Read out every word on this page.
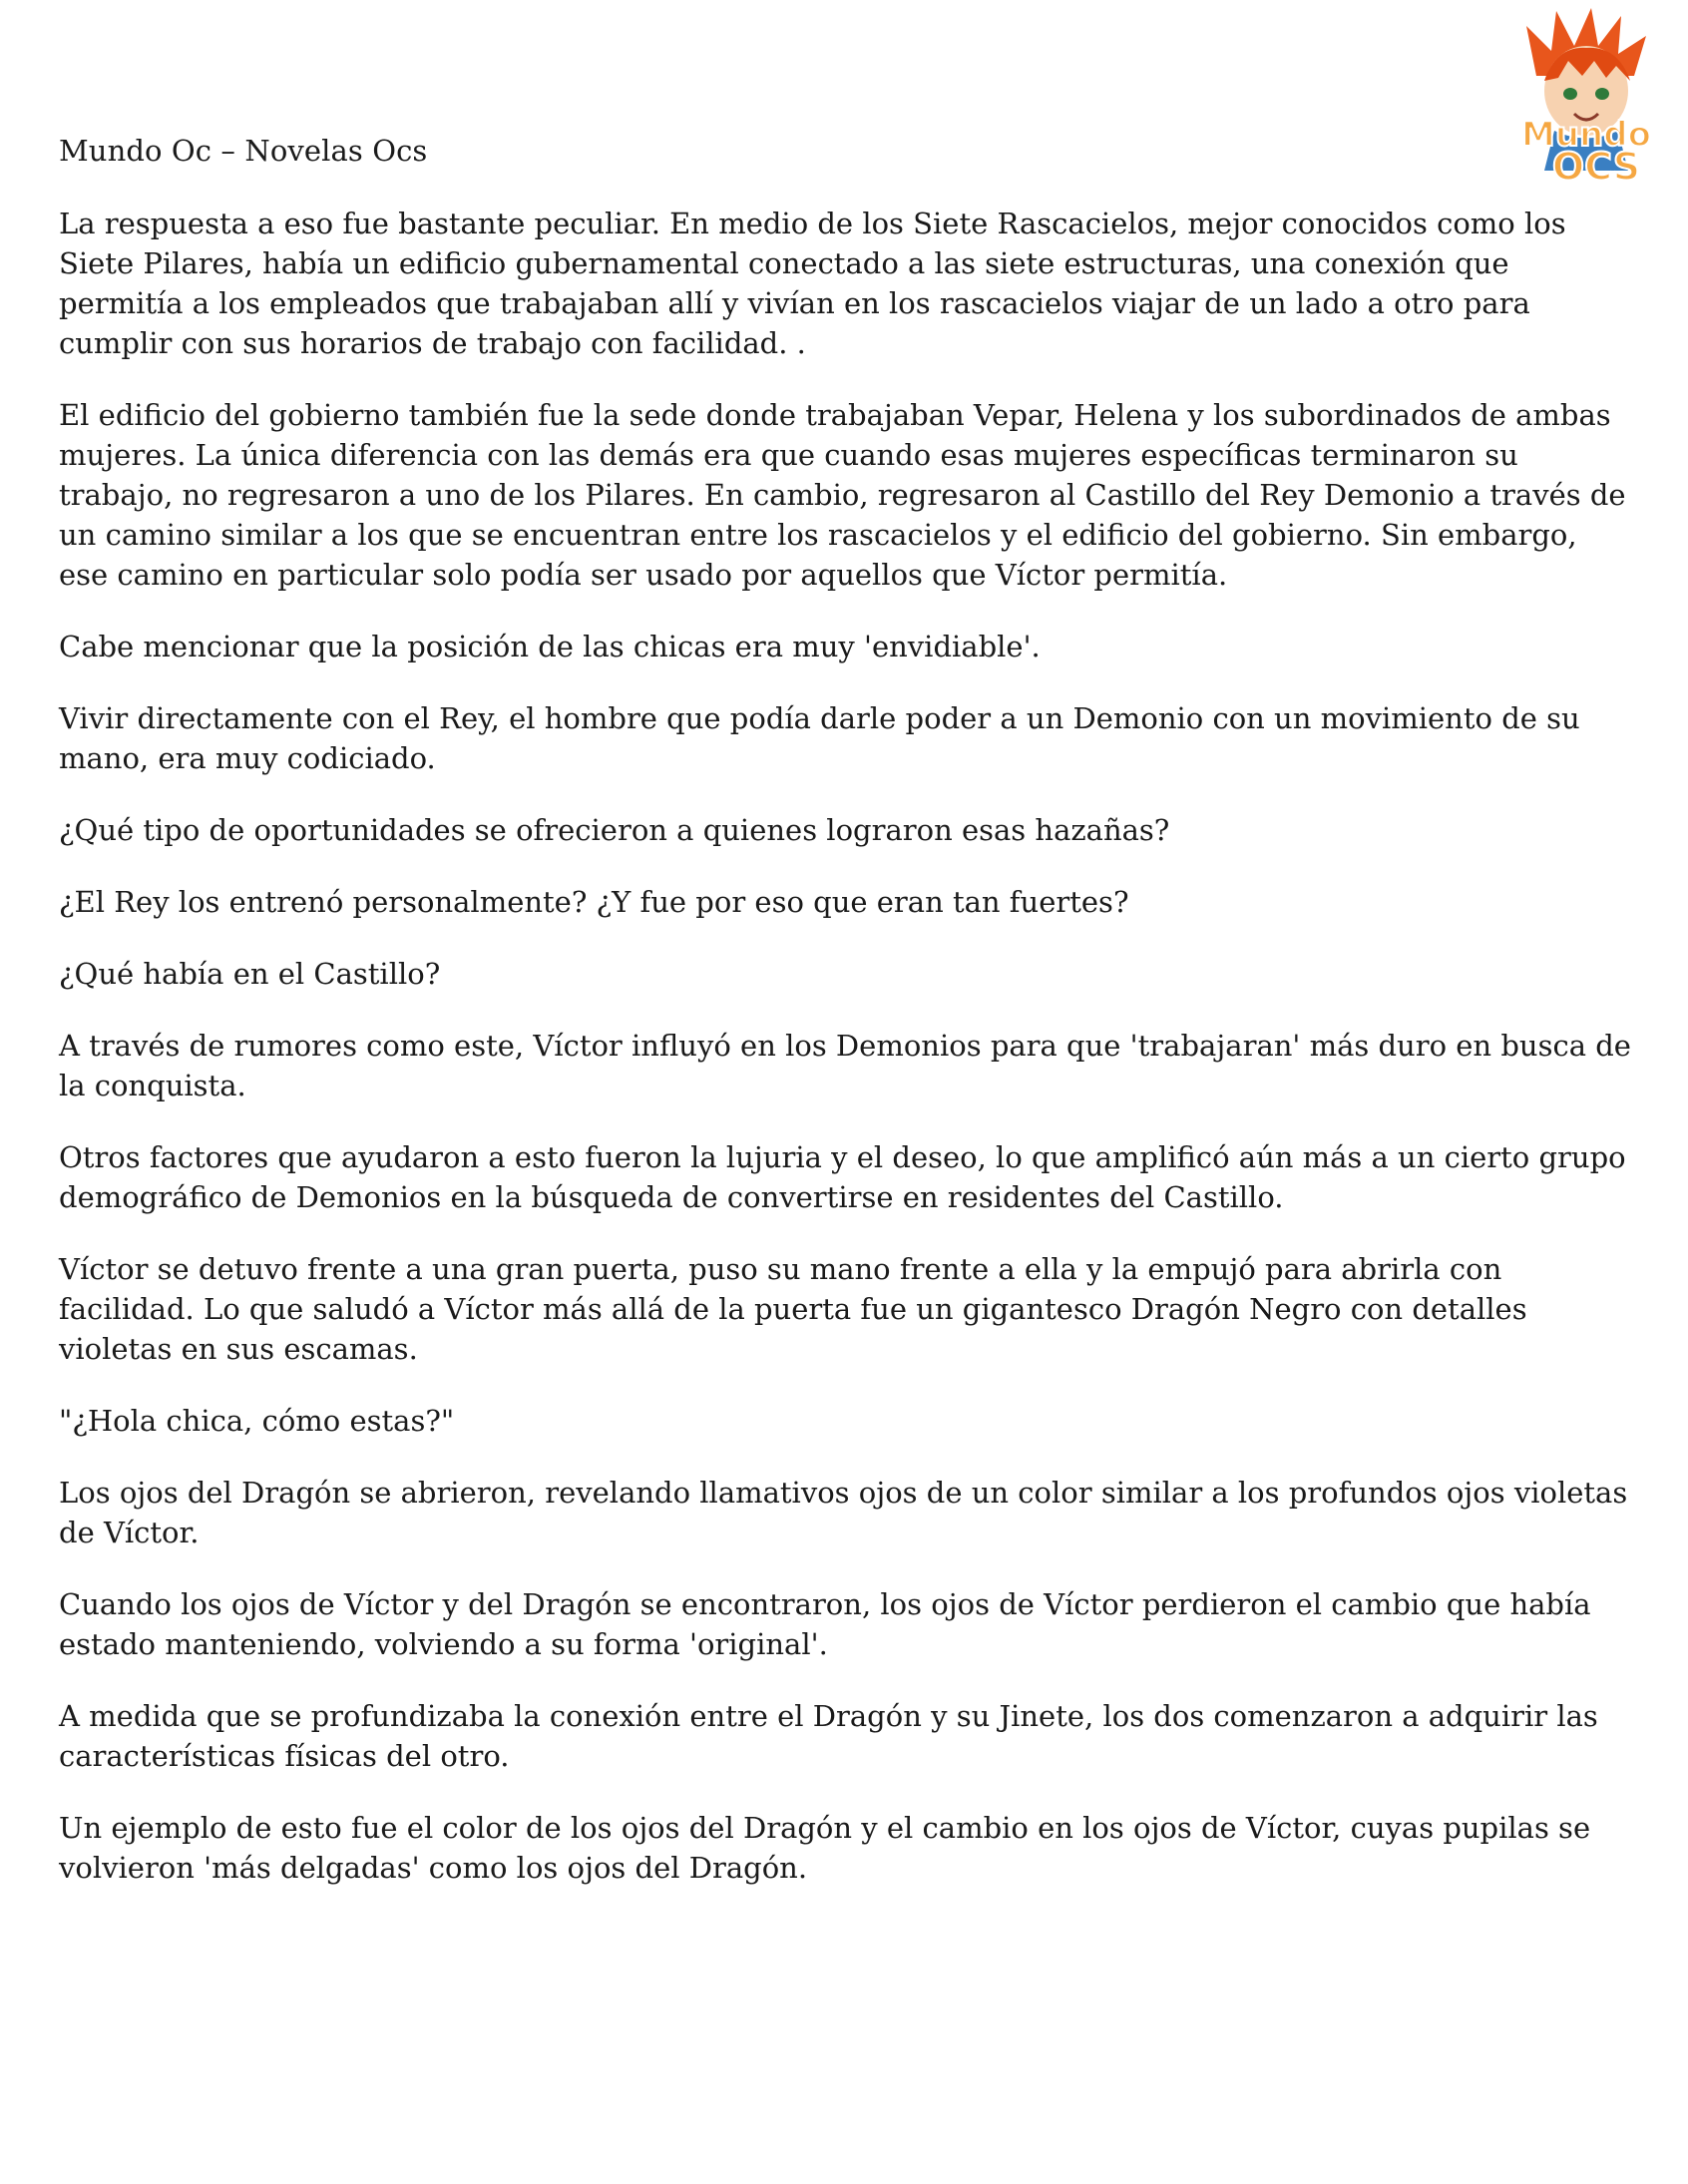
Mundo
OCS
Mundo Oc – Novelas Ocs

La respuesta a eso fue bastante peculiar. En medio de los Siete Rascacielos, mejor conocidos como los Siete Pilares, había un edificio gubernamental conectado a las siete estructuras, una conexión que permitía a los empleados que trabajaban allí y vivían en los rascacielos viajar de un lado a otro para cumplir con sus horarios de trabajo con facilidad. .

El edificio del gobierno también fue la sede donde trabajaban Vepar, Helena y los subordinados de ambas mujeres. La única diferencia con las demás era que cuando esas mujeres específicas terminaron su trabajo, no regresaron a uno de los Pilares. En cambio, regresaron al Castillo del Rey Demonio a través de un camino similar a los que se encuentran entre los rascacielos y el edificio del gobierno. Sin embargo, ese camino en particular solo podía ser usado por aquellos que Víctor permitía.

Cabe mencionar que la posición de las chicas era muy 'envidiable'.

Vivir directamente con el Rey, el hombre que podía darle poder a un Demonio con un movimiento de su mano, era muy codiciado.

¿Qué tipo de oportunidades se ofrecieron a quienes lograron esas hazañas?

¿El Rey los entrenó personalmente? ¿Y fue por eso que eran tan fuertes?

¿Qué había en el Castillo?

A través de rumores como este, Víctor influyó en los Demonios para que 'trabajaran' más duro en busca de la conquista.

Otros factores que ayudaron a esto fueron la lujuria y el deseo, lo que amplificó aún más a un cierto grupo demográfico de Demonios en la búsqueda de convertirse en residentes del Castillo.

Víctor se detuvo frente a una gran puerta, puso su mano frente a ella y la empujó para abrirla con facilidad. Lo que saludó a Víctor más allá de la puerta fue un gigantesco Dragón Negro con detalles violetas en sus escamas.

"¿Hola chica, cómo estas?"

Los ojos del Dragón se abrieron, revelando llamativos ojos de un color similar a los profundos ojos violetas de Víctor.

Cuando los ojos de Víctor y del Dragón se encontraron, los ojos de Víctor perdieron el cambio que había estado manteniendo, volviendo a su forma 'original'.

A medida que se profundizaba la conexión entre el Dragón y su Jinete, los dos comenzaron a adquirir las características físicas del otro.

Un ejemplo de esto fue el color de los ojos del Dragón y el cambio en los ojos de Víctor, cuyas pupilas se volvieron 'más delgadas' como los ojos del Dragón.
